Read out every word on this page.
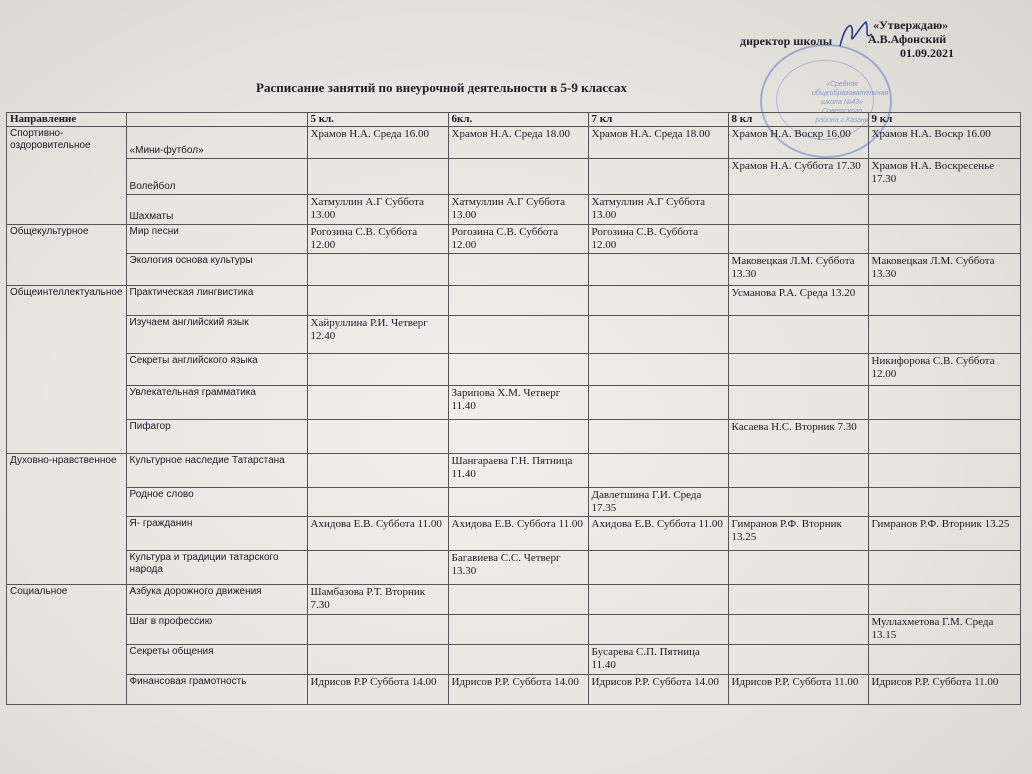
«Утверждаю»
директор школы	А.В.Афонский
01.09.2021
«Средняя общеобразовательная школа №43» Советского района г.Казани
Расписание занятий по внеурочной деятельности в 5-9 классах
Направление		5 кл.	6кл.	7 кл	8 кл	9 кл
Спортивно-оздоровительное	«Мини-футбол»	Храмов Н.А. Среда 16.00	Храмов Н.А. Среда 18.00	Храмов Н.А. Среда 18.00	Храмов Н.А. Воскр 16.00	Храмов Н.А. Воскр 16.00
	Волейбол				Храмов Н.А. Суббота 17.30	Храмов Н.А. Воскресенье 17.30
	Шахматы	Хатмуллин А.Г Суббота 13.00	Хатмуллин А.Г Суббота 13.00	Хатмуллин А.Г Суббота 13.00		
Общекультурное	Мир песни	Рогозина С.В. Суббота 12.00	Рогозина С.В. Суббота 12.00	Рогозина С.В. Суббота 12.00		
	Экология основа культуры				Маковецкая Л.М. Суббота 13.30	Маковецкая Л.М. Суббота 13.30
Общеинтеллектуальное	Практическая лингвистика				Усманова Р.А. Среда 13.20	
	Изучаем английский язык	Хайруллина Р.И. Четверг 12.40				
	Секреты английского языка					Никифорова С.В. Суббота 12.00
	Увлекательная грамматика		Зарипова Х.М. Четверг 11.40			
	Пифагор				Касаева Н.С. Вторник 7.30	
Духовно-нравственное	Культурное наследие Татарстана		Шангараева Г.Н. Пятница 11.40			
	Родное слово			Давлетшина Г.И. Среда 17.35		
	Я- гражданин	Ахидова Е.В. Суббота 11.00	Ахидова Е.В. Суббота 11.00	Ахидова Е.В. Суббота 11.00	Гимранов Р.Ф. Вторник 13.25	Гимранов Р.Ф. Вторник 13.25
	Культура и традиции татарского народа		Багавиева С.С. Четверг 13.30			
Социальное	Азбука дорожного движения	Шамбазова Р.Т. Вторник 7.30				
	Шаг в профессию					Муллахметова Г.М. Среда 13.15
	Секреты общения			Бусарева С.П. Пятница 11.40		
	Финансовая грамотность	Идрисов Р.Р Суббота 14.00	Идрисов Р.Р. Суббота 14.00	Идрисов Р.Р. Суббота 14.00	Идрисов Р.Р. Суббота 11.00	Идрисов Р.Р. Суббота 11.00
